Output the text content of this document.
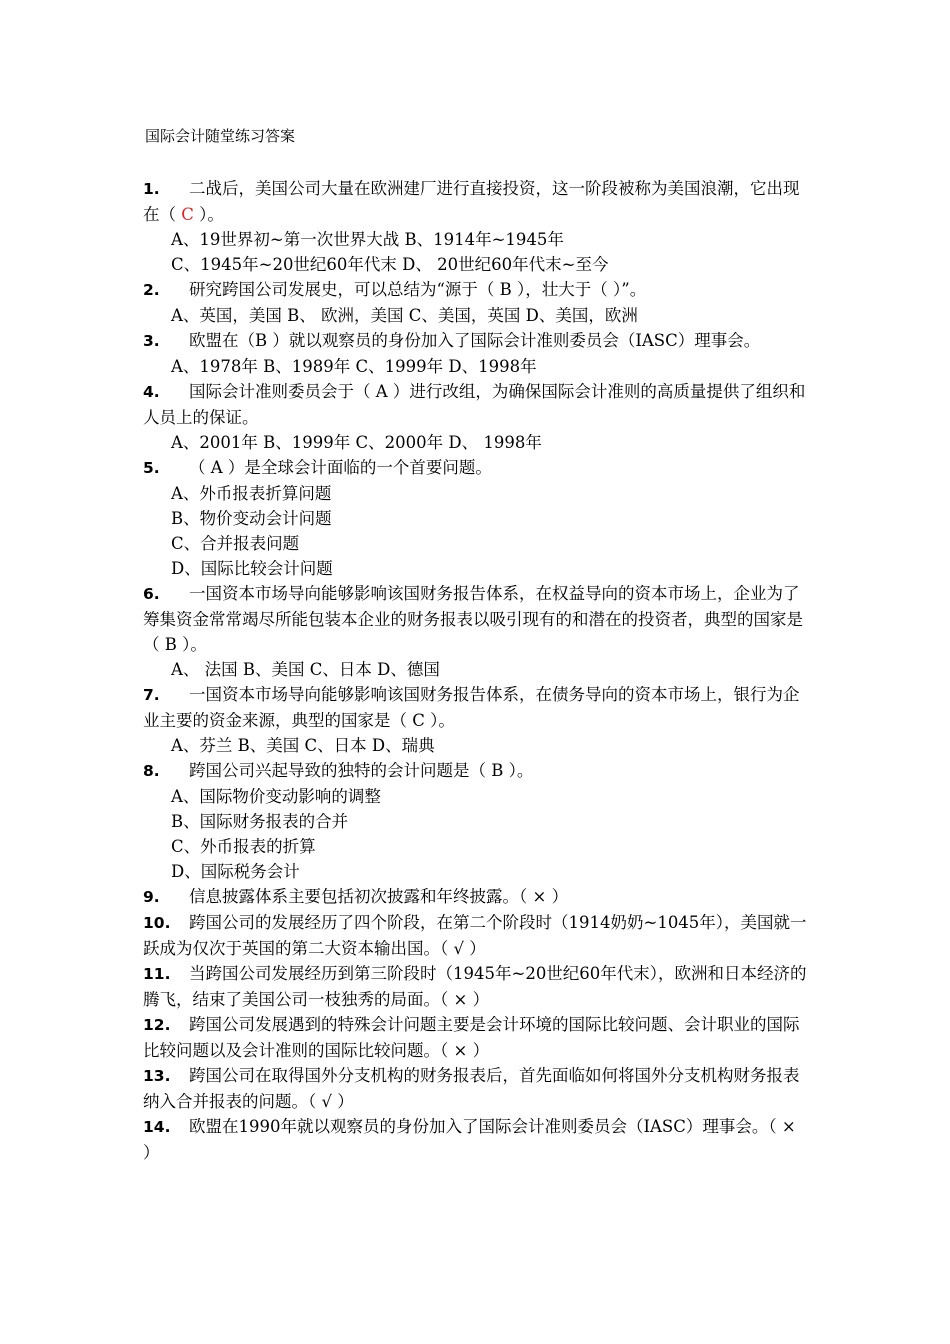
国际会计随堂练习答案
1. 二战后，美国公司大量在欧洲建厂进行直接投资，这一阶段被称为美国浪潮，它出现在（ C ）。
A、19世界初~第一次世界大战 B、1914年~1945年
C、1945年~20世纪60年代末 D、 20世纪60年代末~至今
2. 研究跨国公司发展史，可以总结为“源于（ B ），壮大于（ ）”。
A、英国，美国 B、 欧洲，美国 C、美国，英国 D、美国，欧洲
3. 欧盟在（B ）就以观察员的身份加入了国际会计准则委员会（IASC）理事会。
A、1978年 B、1989年 C、1999年 D、1998年
4. 国际会计准则委员会于（ A ）进行改组，为确保国际会计准则的高质量提供了组织和人员上的保证。
A、2001年 B、1999年 C、2000年 D、 1998年
5. （ A ）是全球会计面临的一个首要问题。
A、外币报表折算问题
B、物价变动会计问题
C、合并报表问题
D、国际比较会计问题
6. 一国资本市场导向能够影响该国财务报告体系，在权益导向的资本市场上，企业为了筹集资金常常竭尽所能包装本企业的财务报表以吸引现有的和潜在的投资者，典型的国家是（ B ）。
A、 法国 B、美国 C、日本 D、德国
7. 一国资本市场导向能够影响该国财务报告体系，在债务导向的资本市场上，银行为企业主要的资金来源，典型的国家是（ C ）。
A、芬兰 B、美国 C、日本 D、瑞典
8. 跨国公司兴起导致的独特的会计问题是（ B ）。
A、国际物价变动影响的调整
B、国际财务报表的合并
C、外币报表的折算
D、国际税务会计
9. 信息披露体系主要包括初次披露和年终披露。（ × ）
10. 跨国公司的发展经历了四个阶段，在第二个阶段时（1914奶奶~1045年），美国就一跃成为仅次于英国的第二大资本输出国。（ √ ）
11. 当跨国公司发展经历到第三阶段时（1945年~20世纪60年代末），欧洲和日本经济的腾飞，结束了美国公司一枝独秀的局面。（ × ）
12. 跨国公司发展遇到的特殊会计问题主要是会计环境的国际比较问题、会计职业的国际比较问题以及会计准则的国际比较问题。（ × ）
13. 跨国公司在取得国外分支机构的财务报表后，首先面临如何将国外分支机构财务报表纳入合并报表的问题。（ √ ）
14. 欧盟在1990年就以观察员的身份加入了国际会计准则委员会（IASC）理事会。（ × ）
